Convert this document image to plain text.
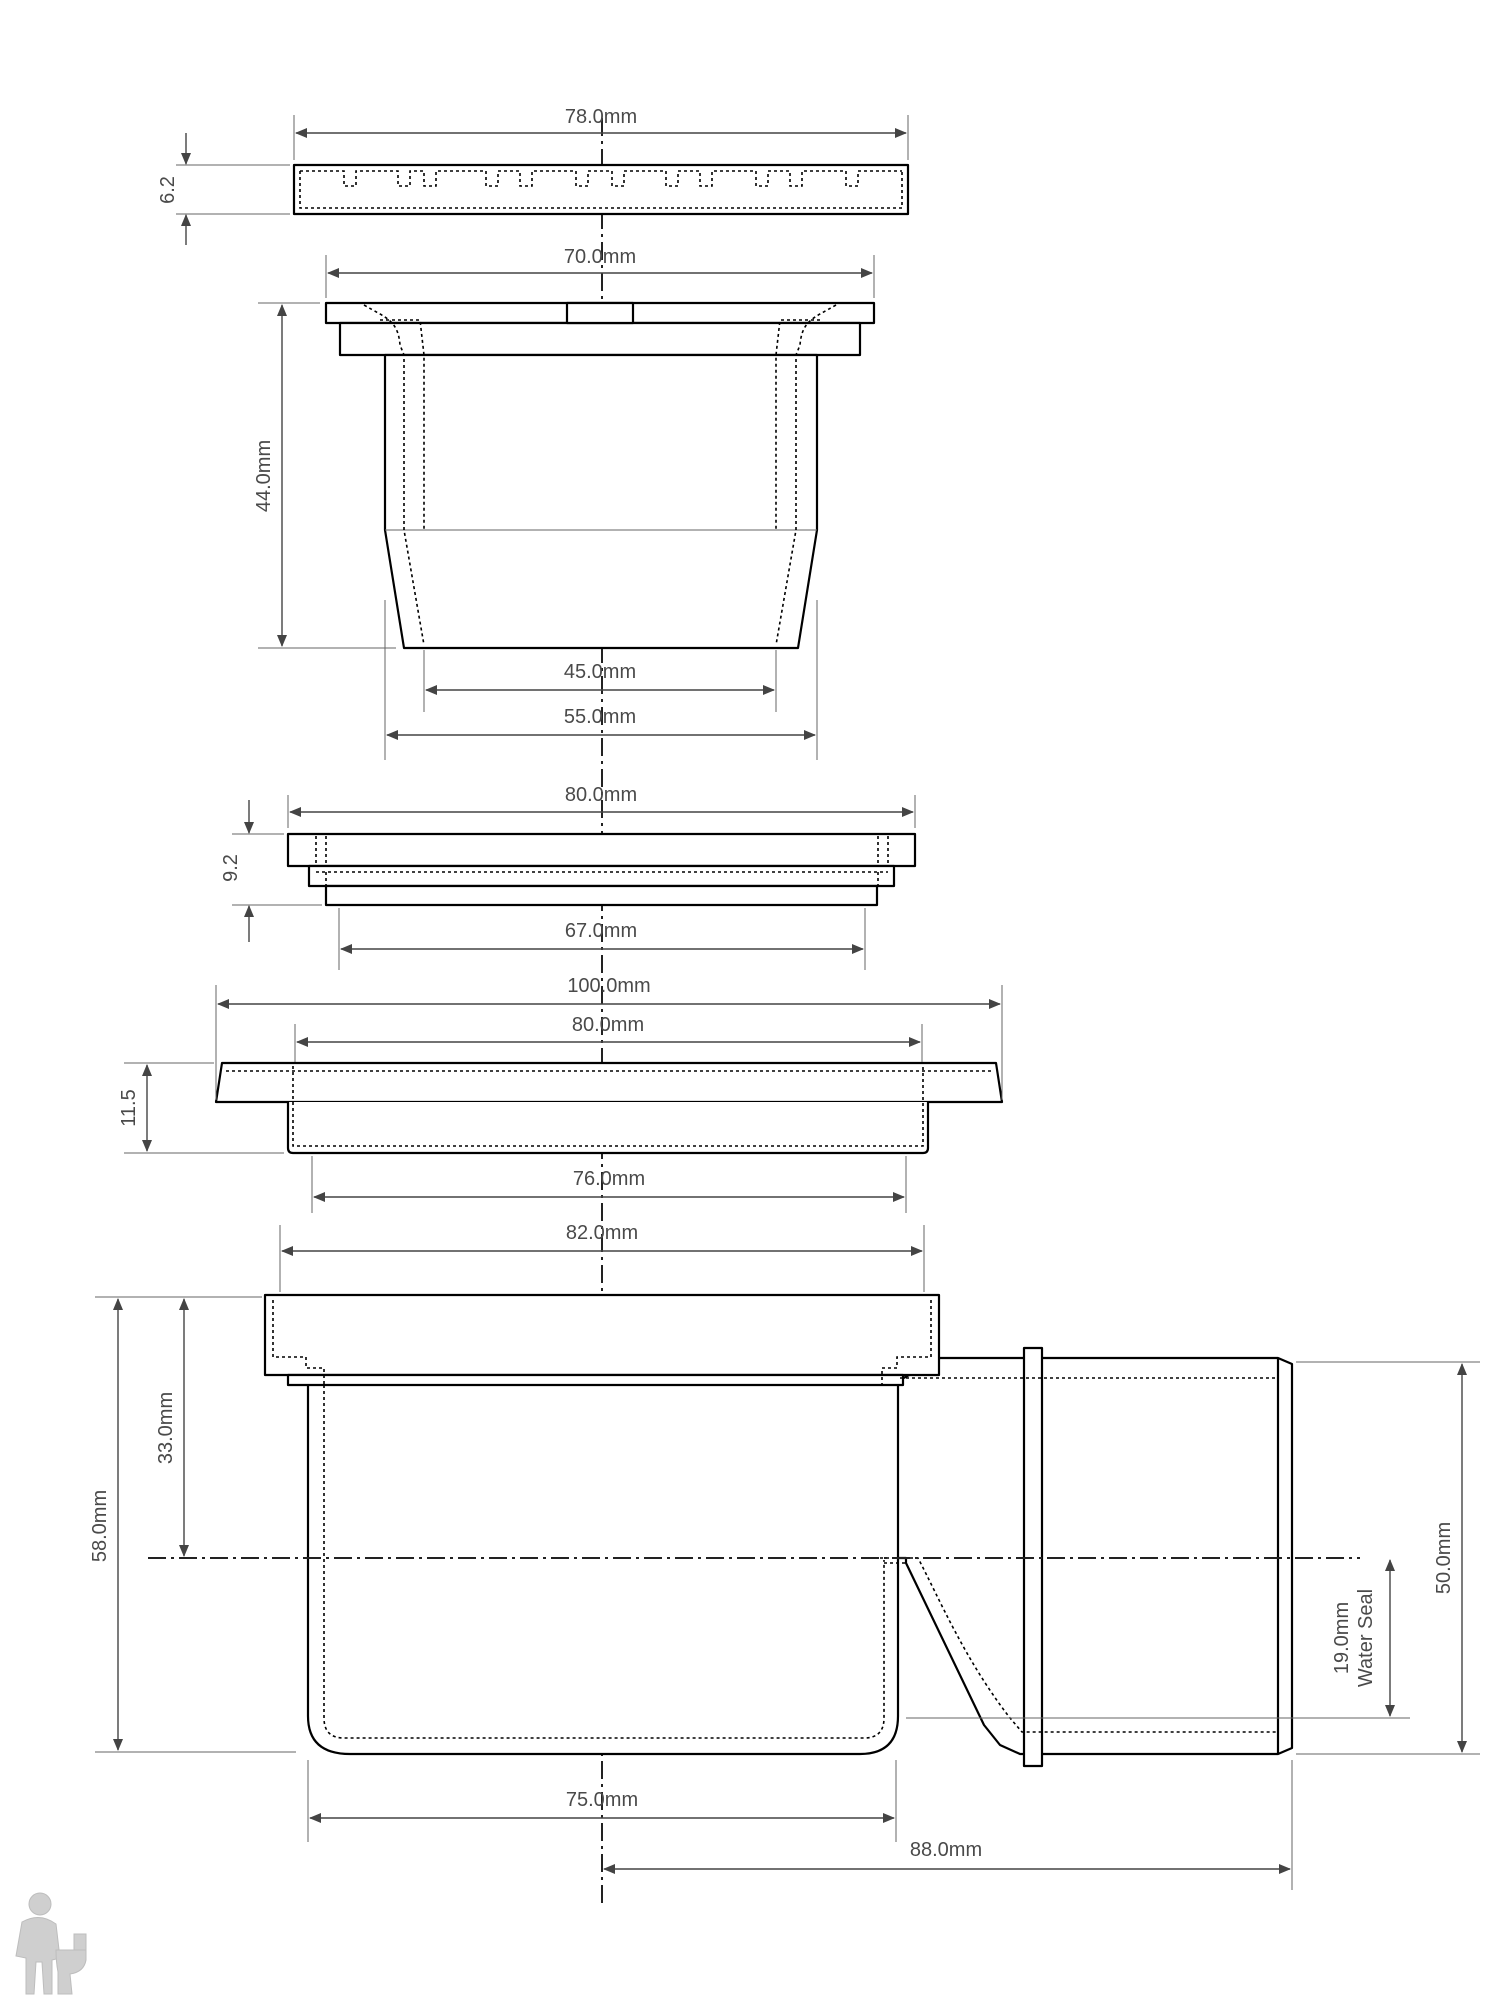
78.0mm
6.2
70.0mm
44.0mm
45.0mm
55.0mm
80.0mm
9.2
67.0mm
100.0mm
80.0mm
11.5
76.0mm
82.0mm
58.0mm
33.0mm
50.0mm
19.0mm Water Seal
75.0mm
88.0mm
